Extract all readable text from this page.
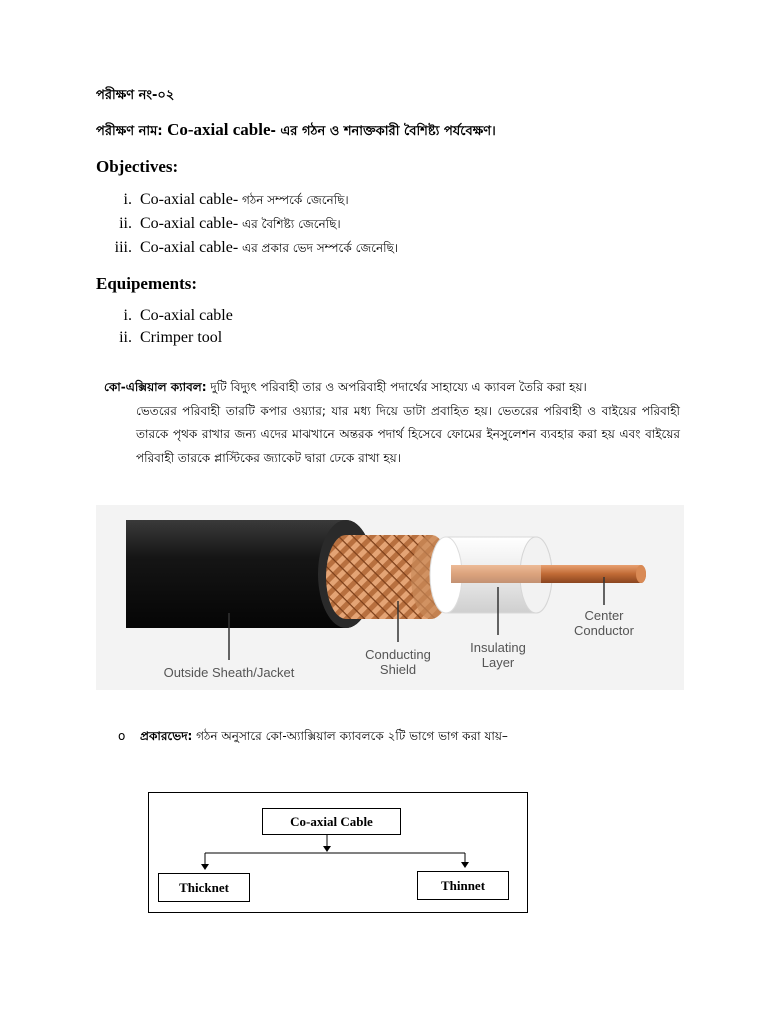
পরীক্ষণ নং-০২
পরীক্ষণ নাম: Co-axial cable- এর গঠন ও শনাক্তকারী বৈশিষ্ট্য পর্যবেক্ষণ।
Objectives:
i. Co-axial cable- গঠন সম্পর্কে জেনেছি।
ii. Co-axial cable- এর বৈশিষ্ট্য জেনেছি।
iii. Co-axial cable- এর প্রকার ভেদ সম্পর্কে জেনেছি।
Equipements:
i. Co-axial cable
ii. Crimper tool
কো-এক্সিয়াল ক্যাবল: দুটি বিদ্যুৎ পরিবাহী তার ও অপরিবাহী পদার্থের সাহায্যে এ ক্যাবল তৈরি করা হয়।
ভেতরের পরিবাহী তারটি কপার ওয়্যার; যার মধ্য দিয়ে ডাটা প্রবাহিত হয়। ভেতরের পরিবাহী ও বাইয়ের পরিবাহী তারকে পৃথক রাখার জন্য এদের মাঝখানে অন্তরক পদার্থ হিসেবে ফোমের ইনসুলেশন ব্যবহার করা হয় এবং বাইয়ের পরিবাহী তারকে প্লাস্টিকের জ্যাকেট দ্বারা ঢেকে রাখা হয়।
Outside Sheath/Jacket
Conducting
Shield
Insulating
Layer
Center
Conductor
o প্রকারভেদ: গঠন অনুসারে কো-অ্যাক্সিয়াল ক্যাবলকে ২টি ভাগে ভাগ করা যায়–
Co-axial Cable
Thicknet	Thinnet
